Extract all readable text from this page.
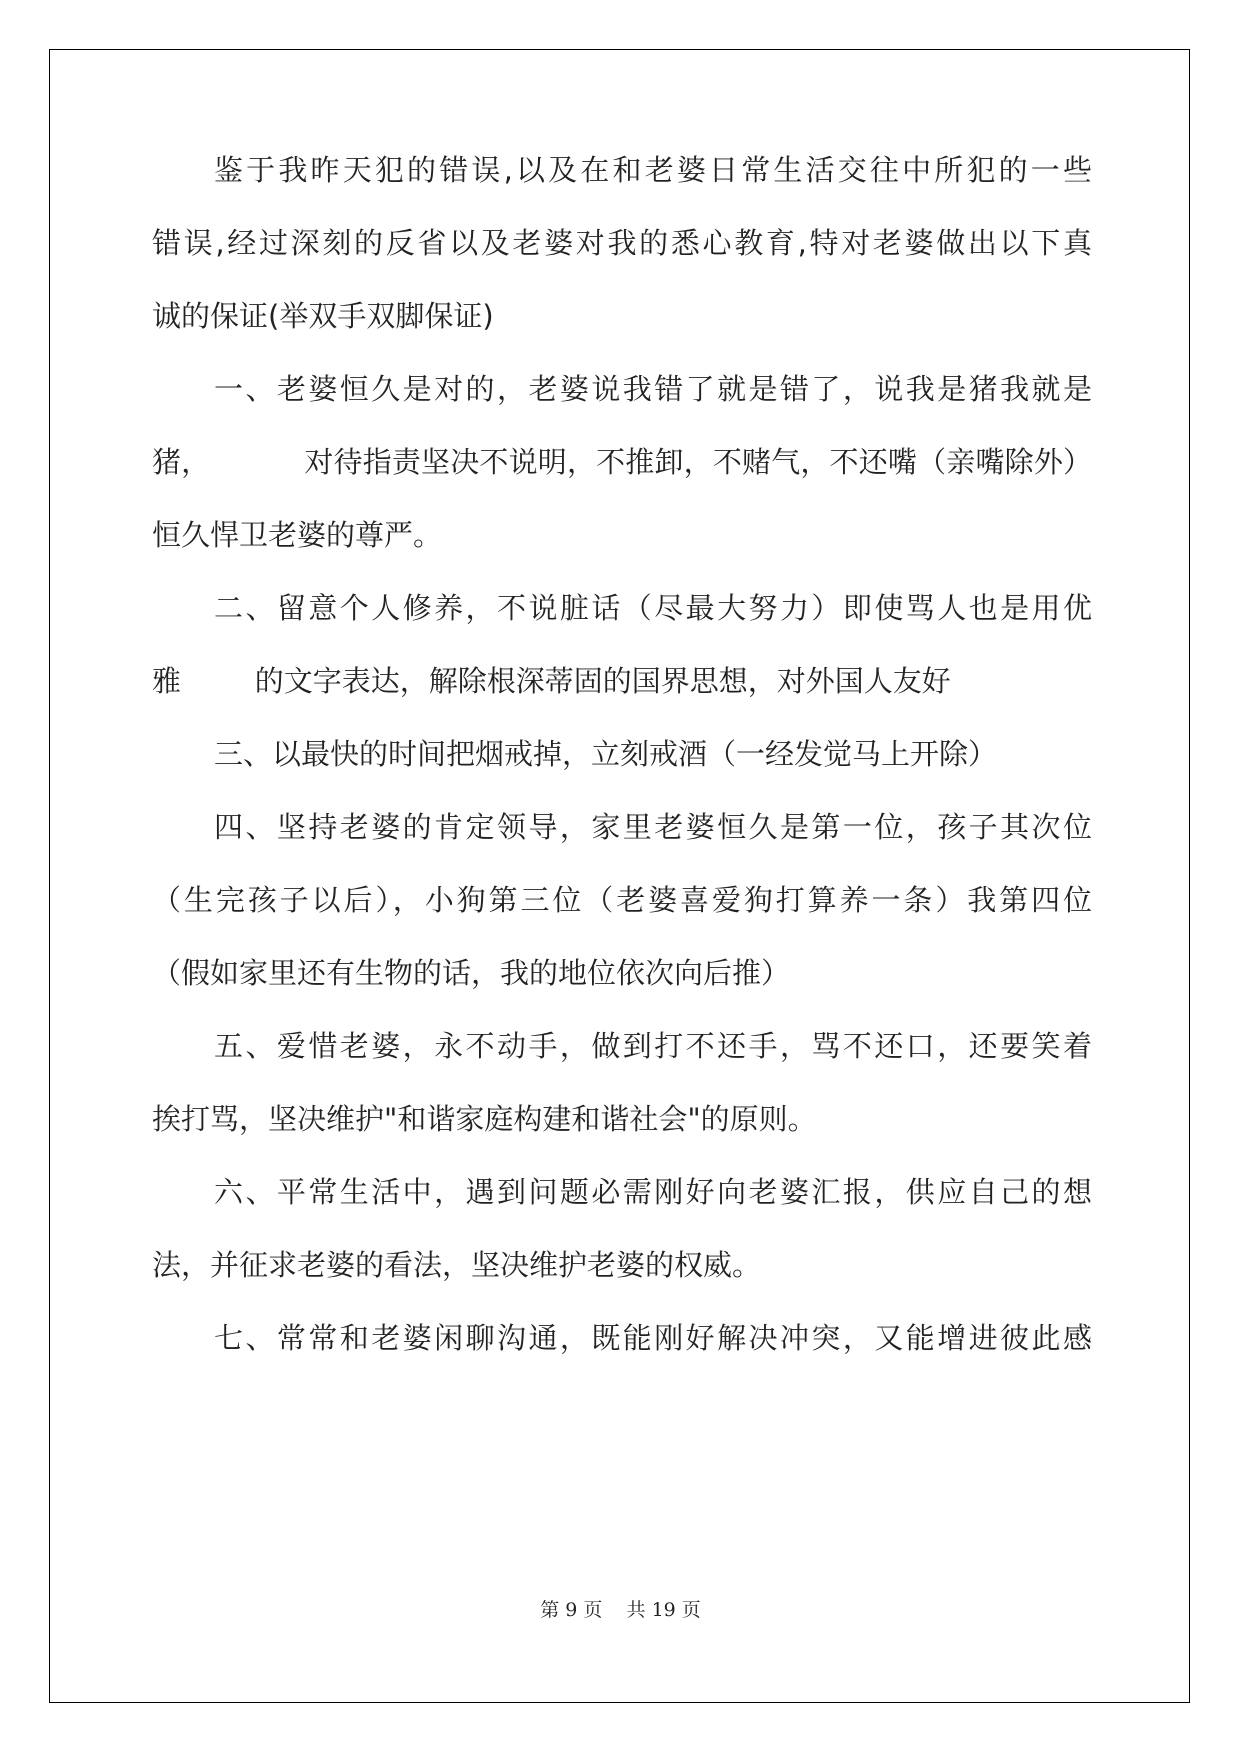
鉴于我昨天犯的错误,以及在和老婆日常生活交往中所犯的一些
错误,经过深刻的反省以及老婆对我的悉心教育,特对老婆做出以下真
诚的保证(举双手双脚保证)
一、老婆恒久是对的，老婆说我错了就是错了，说我是猪我就是
猪，          对待指责坚决不说明，不推卸，不赌气，不还嘴（亲嘴除外）
恒久悍卫老婆的尊严。
二、留意个人修养，不说脏话（尽最大努力）即使骂人也是用优
雅        的文字表达，解除根深蒂固的国界思想，对外国人友好
三、以最快的时间把烟戒掉，立刻戒酒（一经发觉马上开除）
四、坚持老婆的肯定领导，家里老婆恒久是第一位，孩子其次位
（生完孩子以后），小狗第三位（老婆喜爱狗打算养一条）我第四位
（假如家里还有生物的话，我的地位依次向后推）
五、爱惜老婆，永不动手，做到打不还手，骂不还口，还要笑着
挨打骂，坚决维护"和谐家庭构建和谐社会"的原则。
六、平常生活中，遇到问题必需刚好向老婆汇报，供应自己的想
法，并征求老婆的看法，坚决维护老婆的权威。
七、常常和老婆闲聊沟通，既能刚好解决冲突，又能增进彼此感
第 9 页    共 19 页
